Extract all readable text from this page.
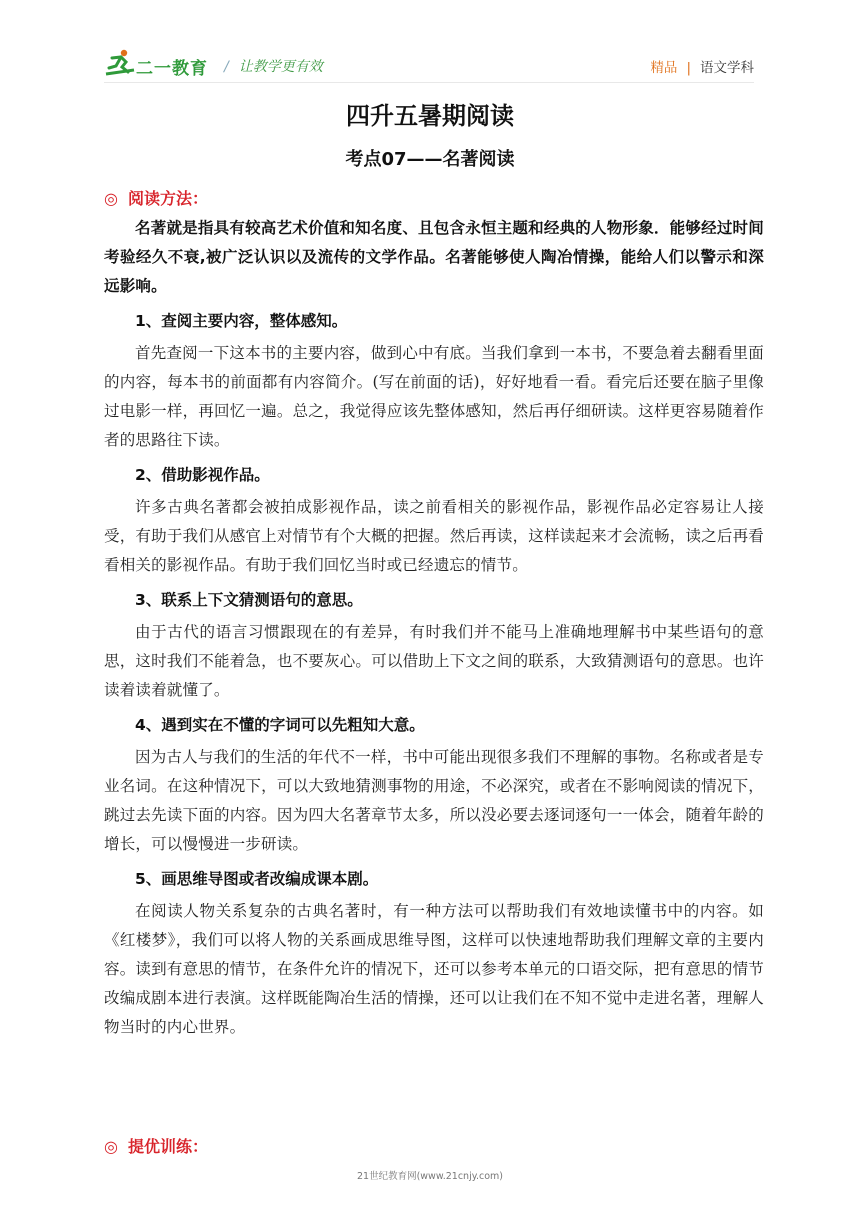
二一教育 / 让教学更有效	精品 | 语文学科
四升五暑期阅读
考点07——名著阅读
◎ 阅读方法：

名著就是指具有较高艺术价值和知名度、且包含永恒主题和经典的人物形象．能够经过时间考验经久不衰,被广泛认识以及流传的文学作品。名著能够使人陶冶情操，能给人们以警示和深远影响。

1、查阅主要内容，整体感知。

首先查阅一下这本书的主要内容，做到心中有底。当我们拿到一本书，不要急着去翻看里面的内容，每本书的前面都有内容简介。(写在前面的话)，好好地看一看。看完后还要在脑子里像过电影一样，再回忆一遍。总之，我觉得应该先整体感知，然后再仔细研读。这样更容易随着作者的思路往下读。

2、借助影视作品。

许多古典名著都会被拍成影视作品，读之前看相关的影视作品，影视作品必定容易让人接受，有助于我们从感官上对情节有个大概的把握。然后再读，这样读起来才会流畅，读之后再看看相关的影视作品。有助于我们回忆当时或已经遗忘的情节。

3、联系上下文猜测语句的意思。

由于古代的语言习惯跟现在的有差异，有时我们并不能马上准确地理解书中某些语句的意思，这时我们不能着急，也不要灰心。可以借助上下文之间的联系，大致猜测语句的意思。也许读着读着就懂了。

4、遇到实在不懂的字词可以先粗知大意。

因为古人与我们的生活的年代不一样，书中可能出现很多我们不理解的事物。名称或者是专业名词。在这种情况下，可以大致地猜测事物的用途，不必深究，或者在不影响阅读的情况下，跳过去先读下面的内容。因为四大名著章节太多，所以没必要去逐词逐句一一体会，随着年龄的增长，可以慢慢进一步研读。

5、画思维导图或者改编成课本剧。

在阅读人物关系复杂的古典名著时，有一种方法可以帮助我们有效地读懂书中的内容。如《红楼梦》，我们可以将人物的关系画成思维导图，这样可以快速地帮助我们理解文章的主要内容。读到有意思的情节，在条件允许的情况下，还可以参考本单元的口语交际，把有意思的情节改编成剧本进行表演。这样既能陶冶生活的情操，还可以让我们在不知不觉中走进名著，理解人物当时的内心世界。

◎ 提优训练：
21世纪教育网(www.21cnjy.com)
